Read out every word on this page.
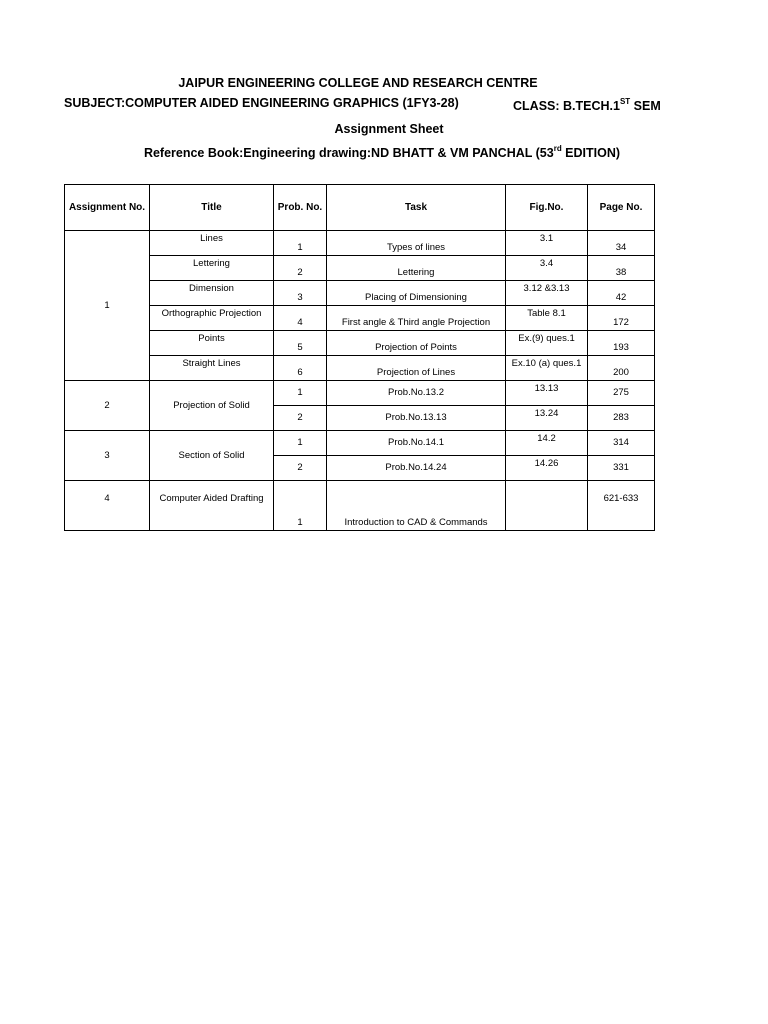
JAIPUR ENGINEERING COLLEGE AND RESEARCH CENTRE
SUBJECT:COMPUTER AIDED ENGINEERING GRAPHICS (1FY3-28)	CLASS: B.TECH.1ST SEM
Assignment Sheet
Reference Book:Engineering drawing:ND BHATT & VM PANCHAL (53rd EDITION)
Assignment No.	Title	Prob. No.	Task	Fig.No.	Page No.
1	Lines	1	Types of lines	3.1	34
	Lettering	2	Lettering	3.4	38
	Dimension	3	Placing of Dimensioning	3.12 &3.13	42
	Orthographic Projection	4	First angle & Third angle Projection	Table 8.1	172
	Points	5	Projection of Points	Ex.(9) ques.1	193
	Straight Lines	6	Projection of Lines	Ex.10 (a) ques.1	200
2	Projection of Solid	1	Prob.No.13.2	13.13	275
		2	Prob.No.13.13	13.24	283
3	Section of Solid	1	Prob.No.14.1	14.2	314
		2	Prob.No.14.24	14.26	331
4	Computer Aided Drafting	1	Introduction to CAD & Commands		621-633
